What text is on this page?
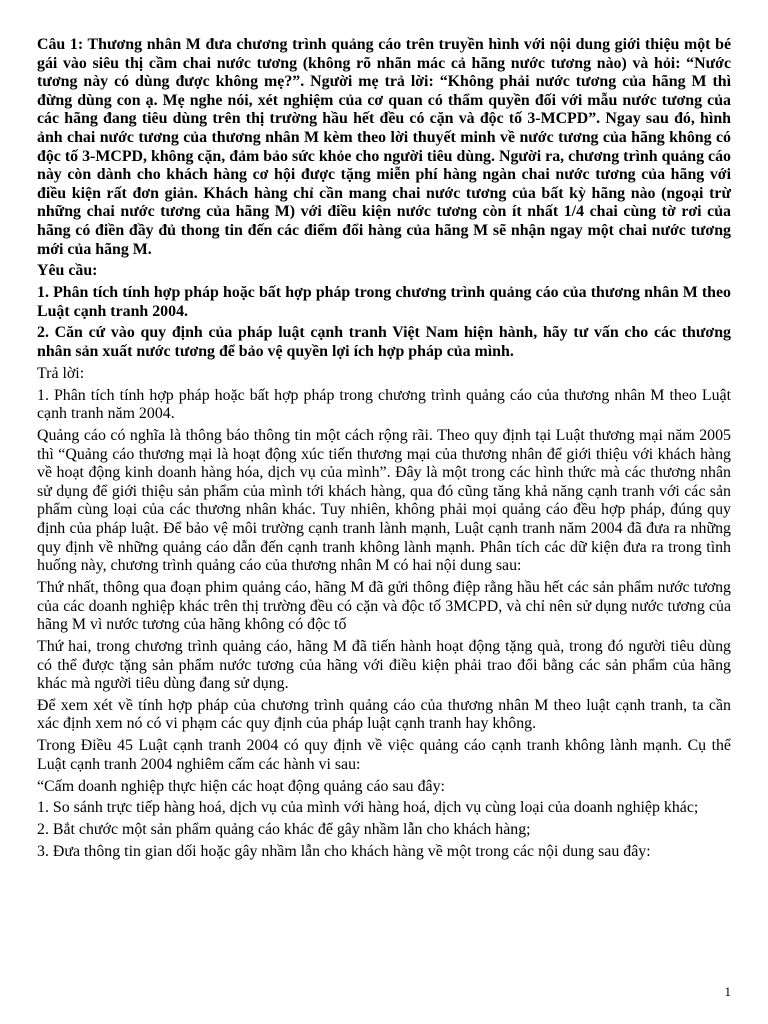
Câu 1: Thương nhân M đưa chương trình quảng cáo trên truyền hình với nội dung giới thiệu một bé gái vào siêu thị cầm chai nước tương (không rõ nhãn mác cả hãng nước tương nào) và hỏi: “Nước tương này có dùng được không mẹ?”. Người mẹ trả lời: “Không phải nước tương của hãng M thì đừng dùng con ạ. Mẹ nghe nói, xét nghiệm của cơ quan có thẩm quyền đối với mẫu nước tương của các hãng đang tiêu dùng trên thị trường hầu hết đều có cặn và độc tố 3-MCPD”. Ngay sau đó, hình ảnh chai nước tương của thương nhân M kèm theo lời thuyết minh về nước tương của hãng không có độc tố 3-MCPD, không cặn, đảm bảo sức khỏe cho người tiêu dùng. Người ra, chương trình quảng cáo này còn dành cho khách hàng cơ hội được tặng miễn phí hàng ngàn chai nước tương của hãng với điều kiện rất đơn giản. Khách hàng chỉ cần mang chai nước tương của bất kỳ hãng nào (ngoại trừ những chai nước tương của hãng M) với điều kiện nước tương còn ít nhất 1/4 chai cùng tờ rơi của hãng có điền đầy đủ thong tin đến các điểm đổi hàng của hãng M sẽ nhận ngay một chai nước tương mới của hãng M.

Yêu cầu:

1. Phân tích tính hợp pháp hoặc bất hợp pháp trong chương trình quảng cáo của thương nhân M theo Luật cạnh tranh 2004.

2. Căn cứ vào quy định của pháp luật cạnh tranh Việt Nam hiện hành, hãy tư vấn cho các thương nhân sản xuất nước tương để bảo vệ quyền lợi ích hợp pháp của mình.

Trả lời:

1. Phân tích tính hợp pháp hoặc bất hợp pháp trong chương trình quảng cáo của thương nhân M theo Luật cạnh tranh năm 2004.

Quảng cáo có nghĩa là thông báo thông tin một cách rộng rãi. Theo quy định tại Luật thương mại năm 2005 thì “Quảng cáo thương mại là hoạt động xúc tiến thương mại của thương nhân để giới thiệu với khách hàng về hoạt động kinh doanh hàng hóa, dịch vụ của mình”. Đây là một trong các hình thức mà các thương nhân sử dụng để giới thiệu sản phẩm của mình tới khách hàng, qua đó cũng tăng khả năng cạnh tranh với các sản phẩm cùng loại của các thương nhân khác. Tuy nhiên, không phải mọi quảng cáo đều hợp pháp, đúng quy định của pháp luật. Để bảo vệ môi trường cạnh tranh lành mạnh, Luật cạnh tranh năm 2004 đã đưa ra những quy định về những quảng cáo dẫn đến cạnh tranh không lành mạnh. Phân tích các dữ kiện đưa ra trong tình huống này, chương trình quảng cáo của thương nhân M có hai nội dung sau:

Thứ nhất, thông qua đoạn phim quảng cáo, hãng M đã gửi thông điệp rằng hầu hết các sản phẩm nước tương của các doanh nghiệp khác trên thị trường đều có cặn và độc tố 3MCPD, và chỉ nên sử dụng nước tương của hãng M vì nước tương của hãng không có độc tố

Thứ hai, trong chương trình quảng cáo, hãng M đã tiến hành hoạt động tặng quà, trong đó người tiêu dùng có thể được tặng sản phẩm nước tương của hãng với điều kiện phải trao đổi bằng các sản phẩm của hãng khác mà người tiêu dùng đang sử dụng.

Để xem xét về tính hợp pháp của chương trình quảng cáo của thương nhân M theo luật cạnh tranh, ta cần xác định xem nó có vi phạm các quy định của pháp luật cạnh tranh hay không.

Trong Điều 45 Luật cạnh tranh 2004 có quy định về việc quảng cáo cạnh tranh không lành mạnh. Cụ thể Luật cạnh tranh 2004 nghiêm cấm các hành vi sau:

“Cấm doanh nghiệp thực hiện các hoạt động quảng cáo sau đây:

1. So sánh trực tiếp hàng hoá, dịch vụ của mình với hàng hoá, dịch vụ cùng loại của doanh nghiệp khác;

2. Bắt chước một sản phẩm quảng cáo khác để gây nhầm lẫn cho khách hàng;

3. Đưa thông tin gian dối hoặc gây nhầm lẫn cho khách hàng về một trong các nội dung sau đây:

1
